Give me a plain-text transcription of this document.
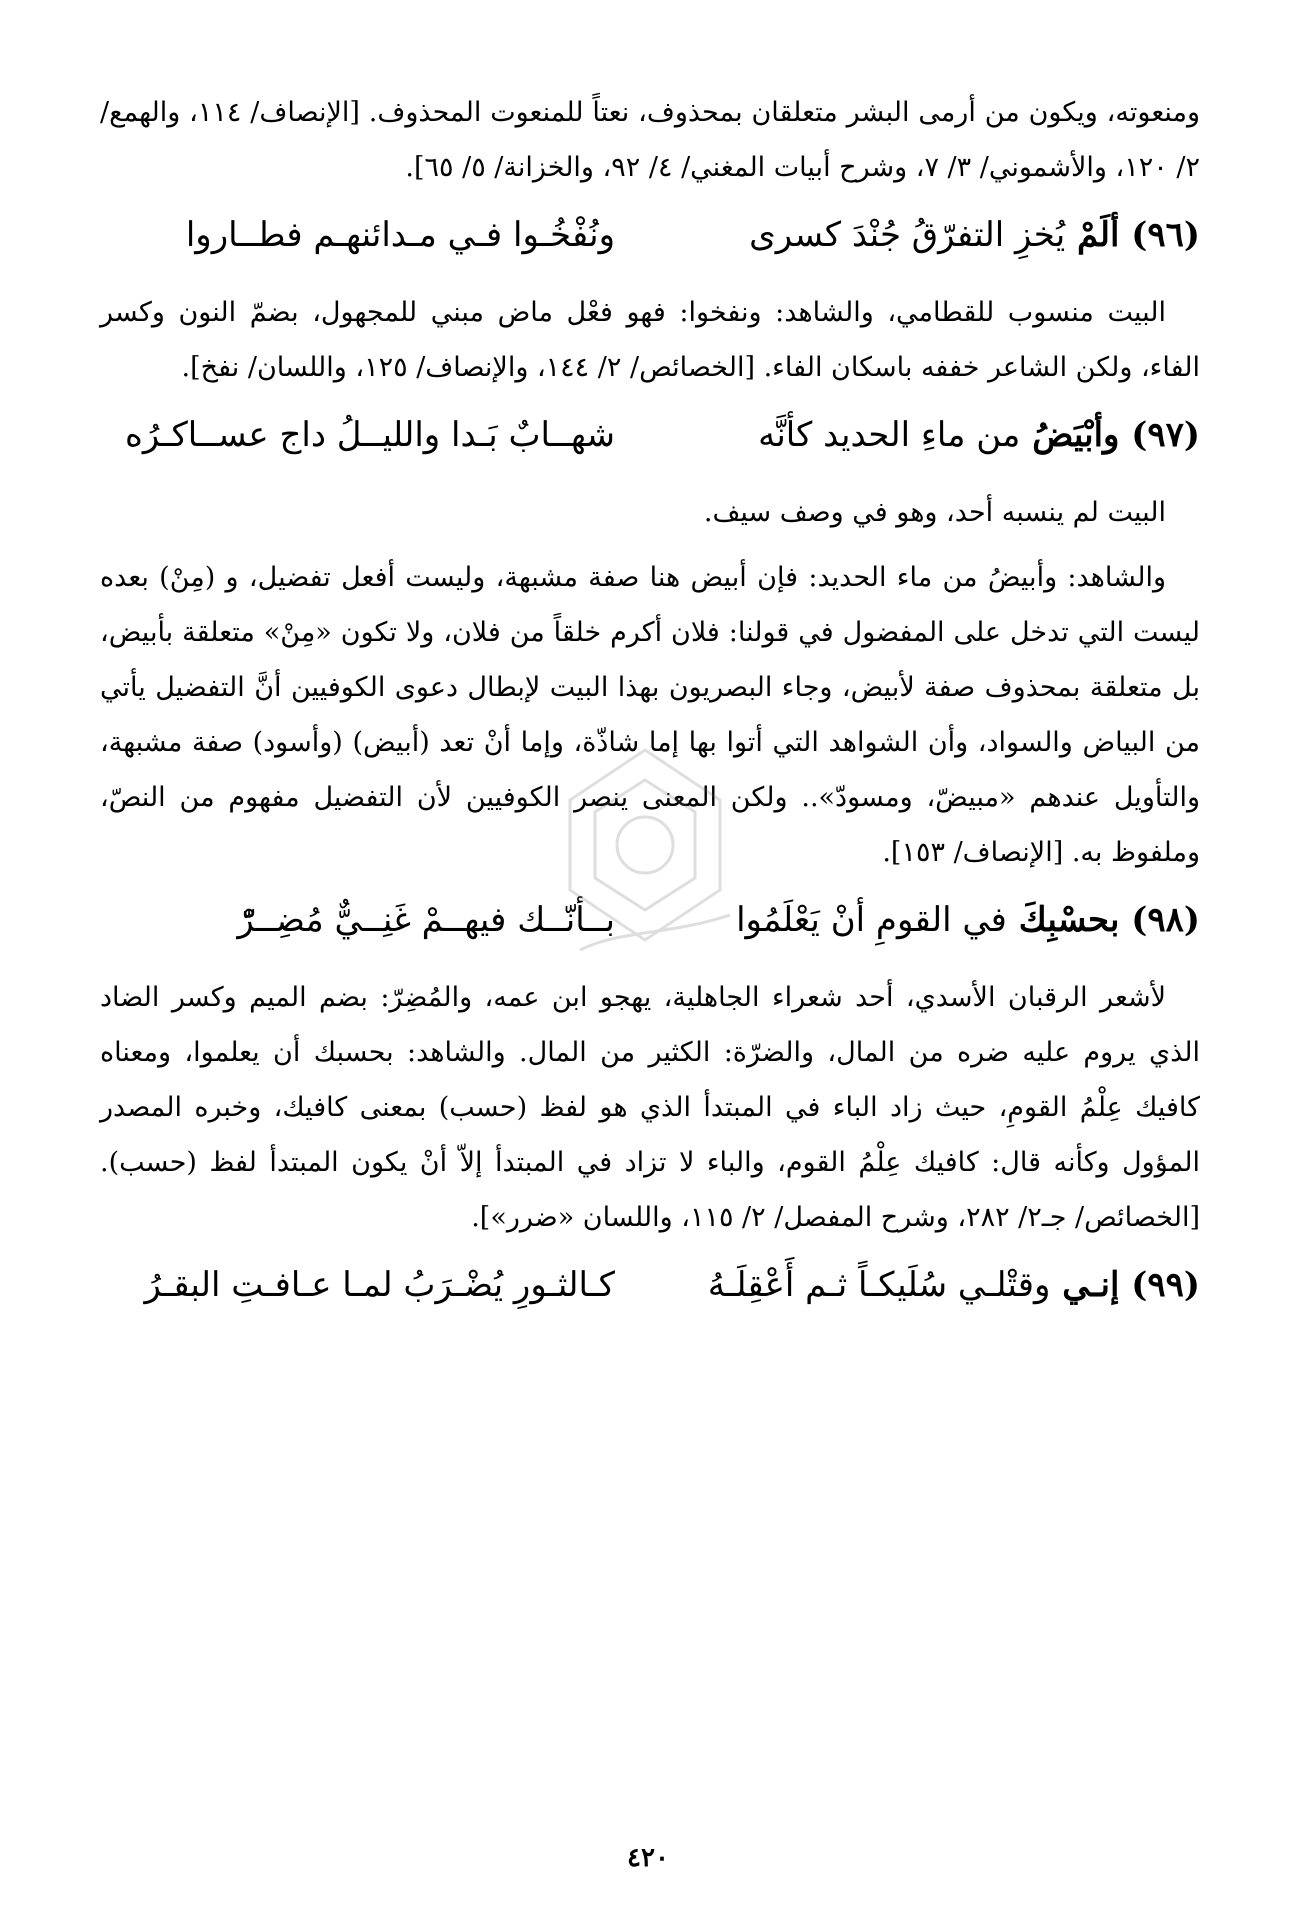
ومنعوته، ويكون من أرمى البشر متعلقان بمحذوف، نعتاً للمنعوت المحذوف. [الإنصاف/ ١١٤، والهمع/ ٢/ ١٢٠، والأشموني/ ٣/ ٧، وشرح أبيات المغني/ ٤/ ٩٢، والخزانة/ ٥/ ٦٥].

(٩٦) ألَمْ يُخزِ التفرّقُ جُنْدَ كسرى
ونُفْخُـوا فـي مـدائنهـم فطــاروا

البيت منسوب للقطامي، والشاهد: ونفخوا: فهو فعْل ماض مبني للمجهول، بضمّ النون وكسر الفاء، ولكن الشاعر خففه باسكان الفاء. [الخصائص/ ٢/ ١٤٤، والإنصاف/ ١٢٥، واللسان/ نفخ].

(٩٧) وأبْيَضُ من ماءِ الحديد كأنَّه
شهــابٌ بَـدا والليــلُ داج عســاكـرُه

البيت لم ينسبه أحد، وهو في وصف سيف.

والشاهد: وأبيضُ من ماء الحديد: فإن أبيض هنا صفة مشبهة، وليست أفعل تفضيل، و (مِنْ) بعده ليست التي تدخل على المفضول في قولنا: فلان أكرم خلقاً من فلان، ولا تكون «مِنْ» متعلقة بأبيض، بل متعلقة بمحذوف صفة لأبيض، وجاء البصريون بهذا البيت لإبطال دعوى الكوفيين أنَّ التفضيل يأتي من البياض والسواد، وأن الشواهد التي أتوا بها إما شاذّة، وإما أنْ تعد (أبيض) (وأسود) صفة مشبهة، والتأويل عندهم «مبيضّ، ومسودّ».. ولكن المعنى ينصر الكوفيين لأن التفضيل مفهوم من النصّ، وملفوظ به. [الإنصاف/ ١٥٣].

(٩٨) بحسْبِكَ في القومِ أنْ يَعْلَمُوا
بــأنّــك فيهــمْ غَنِــيٌّ مُضِــرّْ

لأشعر الرقبان الأسدي، أحد شعراء الجاهلية، يهجو ابن عمه، والمُضِرّ: بضم الميم وكسر الضاد الذي يروم عليه ضره من المال، والضرّة: الكثير من المال. والشاهد: بحسبك أن يعلموا، ومعناه كافيك عِلْمُ القومِ، حيث زاد الباء في المبتدأ الذي هو لفظ (حسب) بمعنى كافيك، وخبره المصدر المؤول وكأنه قال: كافيك عِلْمُ القوم، والباء لا تزاد في المبتدأ إلاّ أنْ يكون المبتدأ لفظ (حسب). [الخصائص/ جـ٢/ ٢٨٢، وشرح المفصل/ ٢/ ١١٥، واللسان «ضرر»].

(٩٩) إنـي وقتْلـي سُلَيكـاً ثـم أَعْقِلَـهُ
كـالثـورِ يُضْـرَبُ لمـا عـافـتِ البقـرُ
٤٢٠
